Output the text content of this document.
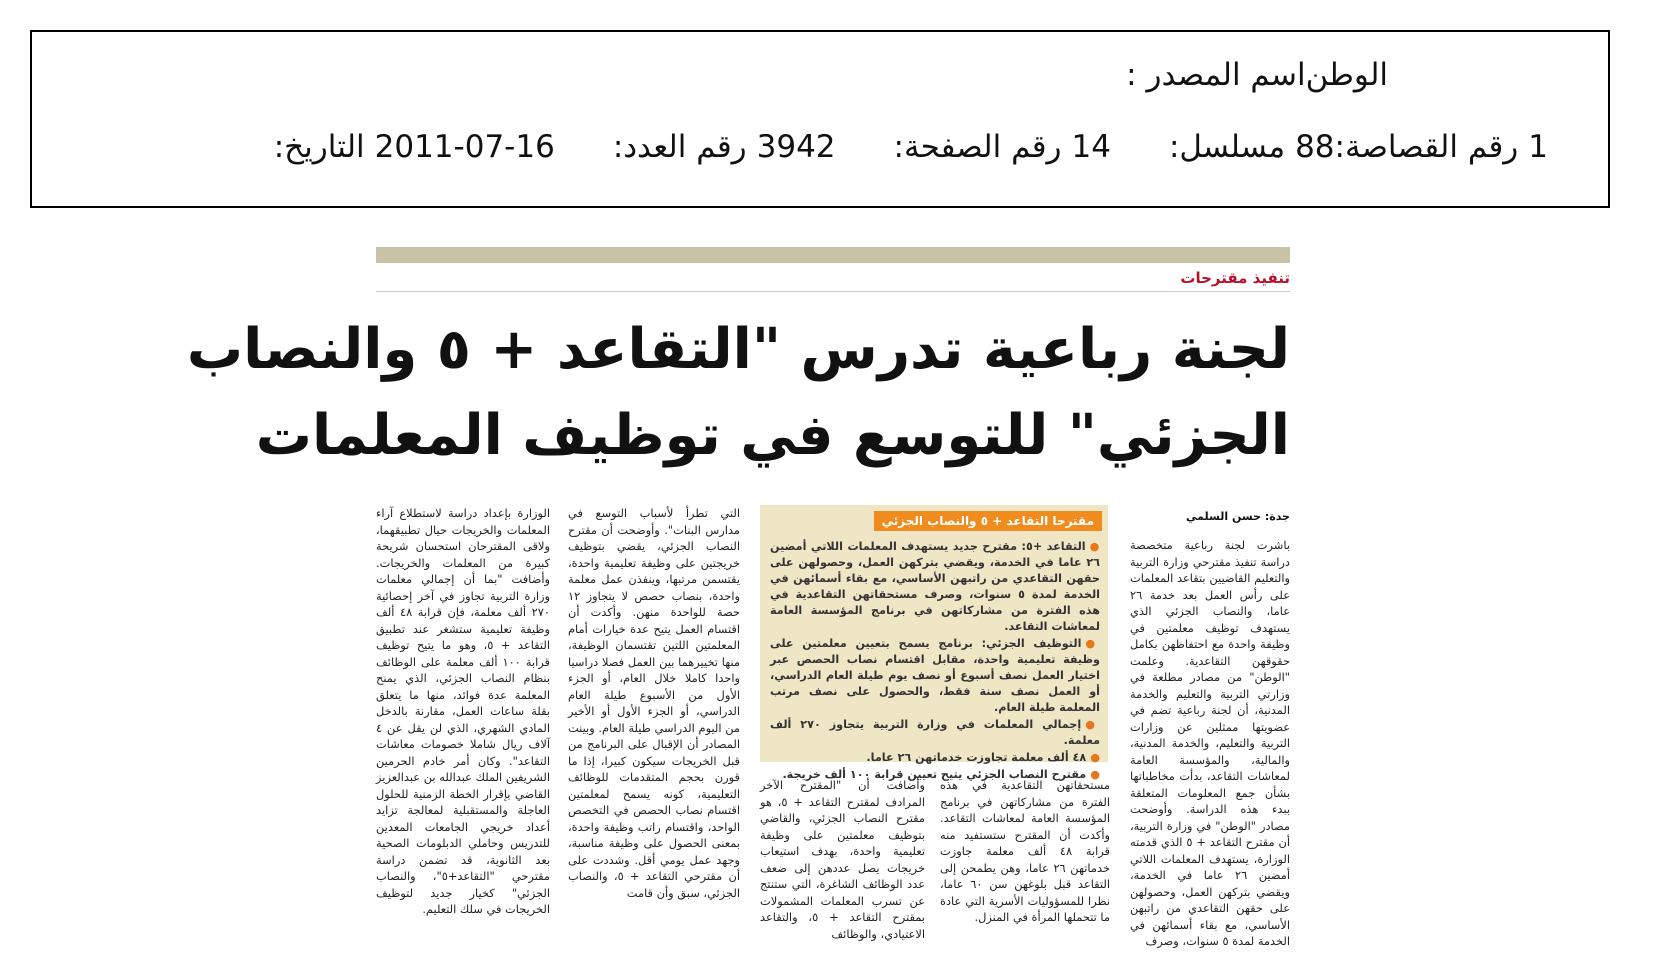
اسم المصدر : الوطن
التاريخ: 2011-07-16 رقم العدد: 3942 رقم الصفحة: 14 مسلسل: 88 رقم القصاصة: 1
تنفيذ مقترحات
لجنة رباعية تدرس "التقاعد + ٥ والنصاب
الجزئي" للتوسع في توظيف المعلمات
جدة: حسن السلمي
باشرت لجنة رباعية متخصصة دراسة تنفيذ مقترحي وزارة التربية والتعليم القاضيين بتقاعد المعلمات على رأس العمل بعد خدمة ٢٦ عاما، والنصاب الجزئي الذي يستهدف توظيف معلمتين في وظيفة واحدة مع احتفاظهن بكامل حقوقهن التقاعدية. وعلمت "الوطن" من مصادر مطلعة في وزارتي التربية والتعليم والخدمة المدنية، أن لجنة رباعية تضم في عضويتها ممثلين عن وزارات التربية والتعليم، والخدمة المدنية، والمالية، والمؤسسة العامة لمعاشات التقاعد، بدأت مخاطباتها بشأن جمع المعلومات المتعلقة ببدء هذه الدراسة. وأوضحت مصادر "الوطن" في وزارة التربية، أن مقترح التقاعد + ٥ الذي قدمته الوزارة، يستهدف المعلمات اللاتي أمضين ٢٦ عاما في الخدمة، ويقضي بتركهن العمل، وحصولهن على حقهن التقاعدي من راتبهن الأساسي، مع بقاء أسمائهن في الخدمة لمدة ٥ سنوات، وصرف
مقترحا التقاعد + ٥ والنصاب الجزئي
●التقاعد +٥: مقترح جديد يستهدف المعلمات اللاتي أمضين ٢٦ عاما في الخدمة، ويقضي بتركهن العمل، وحصولهن على حقهن التقاعدي من راتبهن الأساسي، مع بقاء أسمائهن في الخدمة لمدة ٥ سنوات، وصرف مستحقاتهن التقاعدية في هذه الفترة من مشاركاتهن في برنامج المؤسسة العامة لمعاشات التقاعد.
●التوظيف الجزئي: برنامج يسمح بتعيين معلمتين على وظيفة تعليمية واحدة، مقابل اقتسام نصاب الحصص عبر اختيار العمل نصف أسبوع أو نصف يوم طيلة العام الدراسي، أو العمل نصف سنة فقط، والحصول على نصف مرتب المعلمة طيلة العام.
●إجمالي المعلمات في وزارة التربية يتجاوز ٢٧٠ ألف معلمة.
●٤٨ ألف معلمة تجاوزت خدماتهن ٢٦ عاما.
●مقترح النصاب الجزئي يتيح تعيين قرابة ١٠٠ ألف خريجة.
مستحقاتهن التقاعدية في هذه الفترة من مشاركاتهن في برنامج المؤسسة العامة لمعاشات التقاعد. وأكدت أن المقترح ستستفيد منه قرابة ٤٨ ألف معلمة جاوزت خدماتهن ٢٦ عاما، وهن يطمحن إلى التقاعد قبل بلوغهن سن ٦٠ عاما، نظرا للمسؤوليات الأسرية التي عادة ما تتحملها المرأة في المنزل.
وأضافت أن "المقترح الآخر المرادف لمقترح التقاعد + ٥، هو مقترح النصاب الجزئي، والقاضي بتوظيف معلمتين على وظيفة تعليمية واحدة، بهدف استيعاب خريجات يصل عددهن إلى ضعف عدد الوظائف الشاغرة، التي ستنتج عن تسرب المعلمات المشمولات بمقترح التقاعد + ٥، والتقاعد الاعتيادي، والوظائف
التي تطرأ لأسباب التوسع في مدارس البنات". وأوضحت أن مقترح النصاب الجزئي، يقضي بتوظيف خريجتين على وظيفة تعليمية واحدة، يقتسمن مرتبها، وينفذن عمل معلمة واحدة، بنصاب حصص لا يتجاوز ١٢ حصة للواحدة منهن. وأكدت أن اقتسام العمل يتيح عدة خيارات أمام المعلمتين اللتين تقتسمان الوظيفة، منها تخييرهما بين العمل فصلا دراسيا واحدا كاملا خلال العام، أو الجزء الأول من الأسبوع طيلة العام الدراسي، أو الجزء الأول أو الأخير من اليوم الدراسي طيلة العام. وبينت المصادر أن الإقبال على البرنامج من قبل الخريجات سيكون كبيرا، إذا ما قورن بحجم المتقدمات للوظائف التعليمية، كونه يسمح لمعلمتين اقتسام نصاب الحصص في التخصص الواحد، واقتسام راتب وظيفة واحدة، بمعنى الحصول على وظيفة مناسبة، وجهد عمل يومي أقل. وشددت على أن مقترحي التقاعد + ٥، والنصاب الجزئي، سبق وأن قامت
الوزارة بإعداد دراسة لاستطلاع آراء المعلمات والخريجات حيال تطبيقهما، ولاقى المقترحان استحسان شريحة كبيرة من المعلمات والخريجات. وأضافت "بما أن إجمالي معلمات وزارة التربية تجاوز في آخر إحصائية ٢٧٠ ألف معلمة، فإن قرابة ٤٨ ألف وظيفة تعليمية ستشغر عند تطبيق التقاعد + ٥، وهو ما يتيح توظيف قرابة ١٠٠ ألف معلمة على الوظائف بنظام النصاب الجزئي، الذي يمنح المعلمة عدة فوائد، منها ما يتعلق بقلة ساعات العمل، مقارنة بالدخل المادي الشهري، الذي لن يقل عن ٤ آلاف ريال شاملا خصومات معاشات التقاعد". وكان أمر خادم الحرمين الشريفين الملك عبدالله بن عبدالعزيز القاضي بإقرار الخطة الزمنية للحلول العاجلة والمستقبلية لمعالجة تزايد أعداد خريجي الجامعات المعدين للتدريس وحاملي الدبلومات الصحية بعد الثانوية، قد تضمن دراسة مقترحي "التقاعد+٥"، والنصاب الجزئي" كخيار جديد لتوظيف الخريجات في سلك التعليم.
